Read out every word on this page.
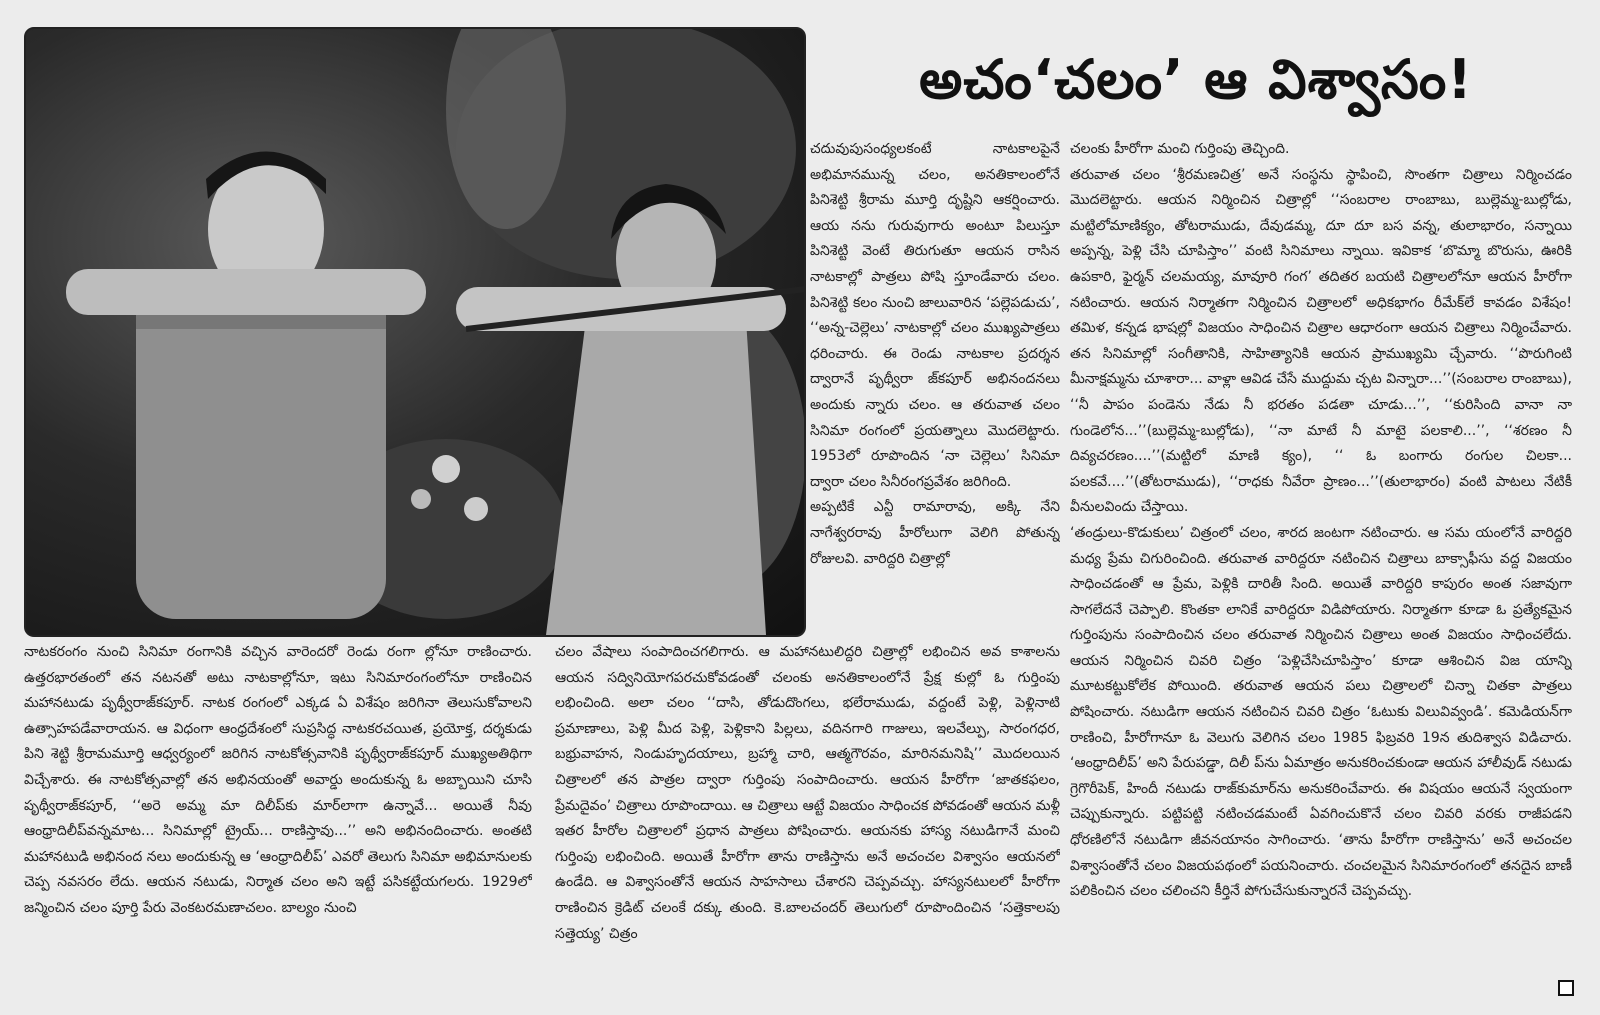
అచం‘చలం’ ఆ విశ్వాసం!

చదువుపుసంధ్యలకంటే నాటకాలపైనే అభిమానమున్న చలం, అనతికాలంలోనే పినిశెట్టి శ్రీరామ మూర్తి దృష్టిని ఆకర్షించారు. ఆయ నను గురువుగారు అంటూ పిలుస్తూ పినిశెట్టి వెంటే తిరుగుతూ ఆయన రాసిన నాటకాల్లో పాత్రలు పోషి స్తూండేవారు చలం. పినిశెట్టి కలం నుంచి జాలువారిన ‘పల్లెపడుచు’, ‘‘అన్న-చెల్లెలు’ నాటకాల్లో చలం ముఖ్యపాత్రలు ధరించారు. ఈ రెండు నాటకాల ప్రదర్శన ద్వారానే పృథ్వీరా జ్‌కపూర్ అభినందనలు అందుకు న్నారు చలం. ఆ తరువాత చలం సినిమా రంగంలో ప్రయత్నాలు మొదలెట్టారు. 1953లో రూపొందిన ‘నా చెల్లెలు’ సినిమా ద్వారా చలం సినీరంగప్రవేశం జరిగింది.

అప్పటికే ఎన్టీ రామారావు, అక్కి నేని నాగేశ్వరరావు హీరోలుగా వెలిగి పోతున్న రోజులవి. వారిద్దరి చిత్రాల్లో

చలంకు హీరోగా మంచి గుర్తింపు తెచ్చింది.

తరువాత చలం ‘శ్రీరమణచిత్ర’ అనే సంస్థను స్థాపించి, సొంతగా చిత్రాలు నిర్మించడం మొదలెట్టారు. ఆయన నిర్మించిన చిత్రాల్లో ‘‘సంబరాల రాంబాబు, బుల్లెమ్మ-బుల్లోడు, మట్టిలోమాణిక్యం, తోటరాముడు, దేవుడమ్మ, దూ దూ బస వన్న, తులాభారం, సన్నాయి అప్పన్న, పెళ్లి చేసి చూపిస్తాం’’ వంటి సినిమాలు న్నాయి. ఇవికాక ‘బొమ్మా బొరుసు, ఊరికి ఉపకారి, ఫైర్మన్ చలమయ్య, మావూరి గంగ’ తదితర బయటి చిత్రాలలోనూ ఆయన హీరోగా నటించారు. ఆయన నిర్మాతగా నిర్మించిన చిత్రాలలో అధికభాగం రీమేక్‌లే కావడం విశేషం! తమిళ, కన్నడ భాషల్లో విజయం సాధించిన చిత్రాల ఆధారంగా ఆయన చిత్రాలు నిర్మించేవారు. తన సినిమాల్లో సంగీతానికి, సాహిత్యానికి ఆయన ప్రాముఖ్యమి చ్చేవారు. ‘‘పొరుగింటి మీనాక్షమ్మను చూశారా... వాళ్లా ఆవిడ చేసే ముద్దుమ చ్చట విన్నారా...’’(సంబరాల రాంబాబు), ‘‘నీ పాపం పండెను నేడు నీ భరతం పడతా చూడు...’’, ‘‘కురిసింది వానా నా గుండెలోన...’’(బుల్లెమ్మ-బుల్లోడు), ‘‘నా మాటే నీ మాటై పలకాలి...’’, ‘‘శరణం నీ దివ్యచరణం....’’(మట్టిలో మాణి క్యం), ‘‘ ఓ బంగారు రంగుల చిలకా... పలకవే....’’(తోటరాముడు), ‘‘రాధకు నీవేరా ప్రాణం...’’(తులాభారం) వంటి పాటలు నేటికీ వీనులవిందు చేస్తాయి.

‘తండ్రులు-కొడుకులు’ చిత్రంలో చలం, శారద జంటగా నటించారు. ఆ సమ యంలోనే వారిద్దరి మధ్య ప్రేమ చిగురించింది. తరువాత వారిద్దరూ నటించిన చిత్రాలు బాక్సాఫీసు వద్ద విజయం సాధించడంతో ఆ ప్రేమ, పెళ్లికి దారితీ సింది. అయితే వారిద్దరి కాపురం అంత సజావుగా సాగలేదనే చెప్పాలి. కొంతకా లానికే వారిద్దరూ విడిపోయారు. నిర్మాతగా కూడా ఓ ప్రత్యేకమైన గుర్తింపును సంపాదించిన చలం తరువాత నిర్మించిన చిత్రాలు అంత విజయం సాధించలేదు. ఆయన నిర్మించిన చివరి చిత్రం ‘పెళ్లిచేసిచూపిస్తాం’ కూడా ఆశించిన విజ యాన్ని మూటకట్టుకోలేక పోయింది. తరువాత ఆయన పలు చిత్రాలలో చిన్నా చితకా పాత్రలు పోషించారు. నటుడిగా ఆయన నటించిన చివరి చిత్రం ‘ఓటుకు విలువివ్వండి’. కమెడియన్‌గా రాణించి, హీరోగానూ ఓ వెలుగు వెలిగిన చలం 1985 ఫిబ్రవరి 19న తుదిశ్వాస విడిచారు. ‘ఆంధ్రాదిలీప్’ అని పేరుపడ్డా, దిలీ ప్‌ను ఏమాత్రం అనుకరించకుండా ఆయన హాలీవుడ్ నటుడు గ్రెగొరీపెక్, హిందీ నటుడు రాజ్‌కుమార్‌ను అనుకరించేవారు. ఈ విషయం ఆయనే స్వయంగా చెప్పుకున్నారు. పట్టిపట్టి నటించడమంటే ఏవగించుకొనే చలం చివరి వరకు రాజీపడని ధోరణిలోనే నటుడిగా జీవనయానం సాగించారు. ‘తాను హీరోగా రాణిస్తాను’ అనే అచంచల విశ్వాసంతోనే చలం విజయపథంలో పయనించారు. చంచలమైన సినిమారంగంలో తనదైన బాణీ పలికించిన చలం చలించని కీర్తినే పోగుచేసుకున్నారనే చెప్పవచ్చు.

నాటకరంగం నుంచి సినిమా రంగానికి వచ్చిన వారెందరో రెండు రంగా ల్లోనూ రాణించారు. ఉత్తరభారతంలో తన నటనతో అటు నాటకాల్లోనూ, ఇటు సినిమారంగంలోనూ రాణించిన మహానటుడు పృథ్వీరాజ్‌కపూర్. నాటక రంగంలో ఎక్కడ ఏ విశేషం జరిగినా తెలుసుకోవాలని ఉత్సాహపడేవారాయన. ఆ విధంగా ఆంధ్రదేశంలో సుప్రసిద్ధ నాటకరచయిత, ప్రయోక్త, దర్శకుడు పిని శెట్టి శ్రీరామమూర్తి ఆధ్వర్యంలో జరిగిన నాటకోత్సవానికి పృథ్వీరాజ్‌కపూర్ ముఖ్యఅతిథిగా విచ్చేశారు. ఈ నాటకోత్సవాల్లో తన అభినయంతో అవార్డు అందుకున్న ఓ అబ్బాయిని చూసి పృథ్వీరాజ్‌కపూర్, ‘‘అరె అమ్మ మా దిలీప్‌కు మార్‌లాగా ఉన్నావే... అయితే నీవు ఆంధ్రాదిలీప్‌వన్నమాట... సినిమాల్లో ట్రైయ్... రాణిస్తావు...’’ అని అభినందించారు. అంతటి మహానటుడి అభినంద నలు అందుకున్న ఆ ‘ఆంధ్రాదిలీప్’ ఎవరో తెలుగు సినిమా అభిమానులకు చెప్ప నవసరం లేదు. ఆయన నటుడు, నిర్మాత చలం అని ఇట్టే పసికట్టేయగలరు. 1929లో జన్మించిన చలం పూర్తి పేరు వెంకటరమణాచలం. బాల్యం నుంచి

చలం వేషాలు సంపాదించగలిగారు. ఆ మహానటులిద్దరి చిత్రాల్లో లభించిన అవ కాశాలను ఆయన సద్వినియోగపరచుకోవడంతో చలంకు అనతికాలంలోనే ప్రేక్ష కుల్లో ఓ గుర్తింపు లభించింది. అలా చలం ‘‘దాసి, తోడుదొంగలు, భలేరాముడు, వద్దంటే పెళ్లి, పెళ్లినాటి ప్రమాణాలు, పెళ్లి మీద పెళ్లి, పెళ్లికాని పిల్లలు, వదినగారి గాజులు, ఇలవేల్పు, సారంగధర, బభ్రువాహన, నిండుహృదయాలు, బ్రహ్మా చారి, ఆత్మగౌరవం, మారినమనిషి’’ మొదలయిన చిత్రాలలో తన పాత్రల ద్వారా గుర్తింపు సంపాదించారు. ఆయన హీరోగా ‘జాతకఫలం, ప్రేమదైవం’ చిత్రాలు రూపొందాయి. ఆ చిత్రాలు ఆట్టే విజయం సాధించక పోవడంతో ఆయన మళ్లీ ఇతర హీరోల చిత్రాలలో ప్రధాన పాత్రలు పోషించారు. ఆయనకు హాస్య నటుడిగానే మంచి గుర్తింపు లభించింది. అయితే హీరోగా తాను రాణిస్తాను అనే అచంచల విశ్వాసం ఆయనలో ఉండేది. ఆ విశ్వాసంతోనే ఆయన సాహసాలు చేశారని చెప్పవచ్చు. హాస్యనటులలో హీరోగా రాణించిన క్రెడిట్ చలంకే దక్కు తుంది. కె.బాలచందర్ తెలుగులో రూపొందించిన ‘సత్తెకాలపు సత్తెయ్య’ చిత్రం
